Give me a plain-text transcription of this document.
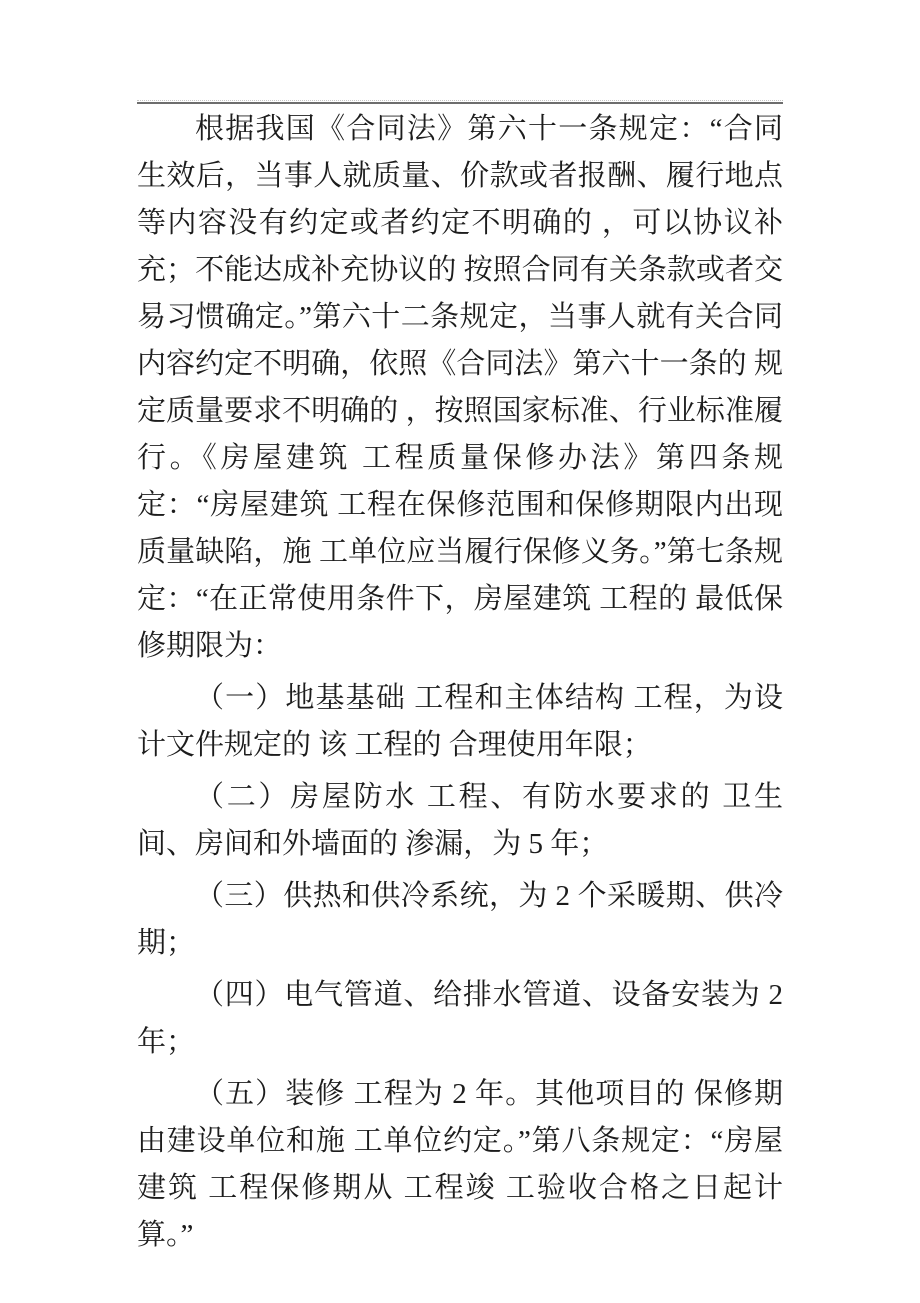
根据我国《合同法》第六十一条规定：“合同生效后，当事人就质量、价款或者报酬、履行地点等内容没有约定或者约定不明确的 ，可以协议补充；不能达成补充协议的 按照合同有关条款或者交易习惯确定。”第六十二条规定，当事人就有关合同内容约定不明确，依照《合同法》第六十一条的 规定质量要求不明确的 ，按照国家标准、行业标准履行。《房屋建筑 工程质量保修办法》第四条规定：“房屋建筑 工程在保修范围和保修期限内出现质量缺陷，施 工单位应当履行保修义务。”第七条规定：“在正常使用条件下，房屋建筑 工程的 最低保修期限为：

（一）地基基础 工程和主体结构 工程，为设计文件规定的 该 工程的 合理使用年限；

（二）房屋防水 工程、有防水要求的 卫生间、房间和外墙面的 渗漏，为 5 年；

（三）供热和供冷系统，为 2 个采暖期、供冷期；

（四）电气管道、给排水管道、设备安装为 2 年；

（五）装修 工程为 2 年。其他项目的 保修期由建设单位和施 工单位约定。”第八条规定：“房屋建筑 工程保修期从 工程竣 工验收合格之日起计算。”
